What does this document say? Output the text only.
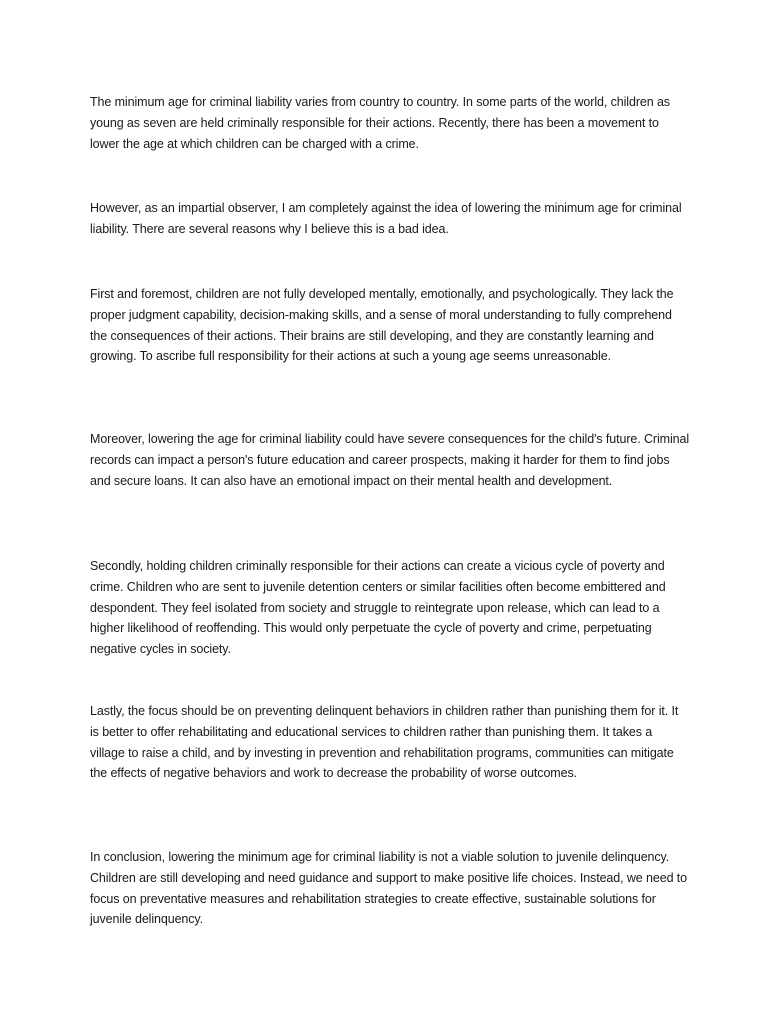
The minimum age for criminal liability varies from country to country. In some parts of the world, children as young as seven are held criminally responsible for their actions. Recently, there has been a movement to lower the age at which children can be charged with a crime.

However, as an impartial observer, I am completely against the idea of lowering the minimum age for criminal liability. There are several reasons why I believe this is a bad idea.

First and foremost, children are not fully developed mentally, emotionally, and psychologically. They lack the proper judgment capability, decision-making skills, and a sense of moral understanding to fully comprehend the consequences of their actions. Their brains are still developing, and they are constantly learning and growing. To ascribe full responsibility for their actions at such a young age seems unreasonable.

Moreover, lowering the age for criminal liability could have severe consequences for the child's future. Criminal records can impact a person's future education and career prospects, making it harder for them to find jobs and secure loans. It can also have an emotional impact on their mental health and development.

Secondly, holding children criminally responsible for their actions can create a vicious cycle of poverty and crime. Children who are sent to juvenile detention centers or similar facilities often become embittered and despondent. They feel isolated from society and struggle to reintegrate upon release, which can lead to a higher likelihood of reoffending. This would only perpetuate the cycle of poverty and crime, perpetuating negative cycles in society.

Lastly, the focus should be on preventing delinquent behaviors in children rather than punishing them for it. It is better to offer rehabilitating and educational services to children rather than punishing them. It takes a village to raise a child, and by investing in prevention and rehabilitation programs, communities can mitigate the effects of negative behaviors and work to decrease the probability of worse outcomes.

In conclusion, lowering the minimum age for criminal liability is not a viable solution to juvenile delinquency. Children are still developing and need guidance and support to make positive life choices. Instead, we need to focus on preventative measures and rehabilitation strategies to create effective, sustainable solutions for juvenile delinquency.
